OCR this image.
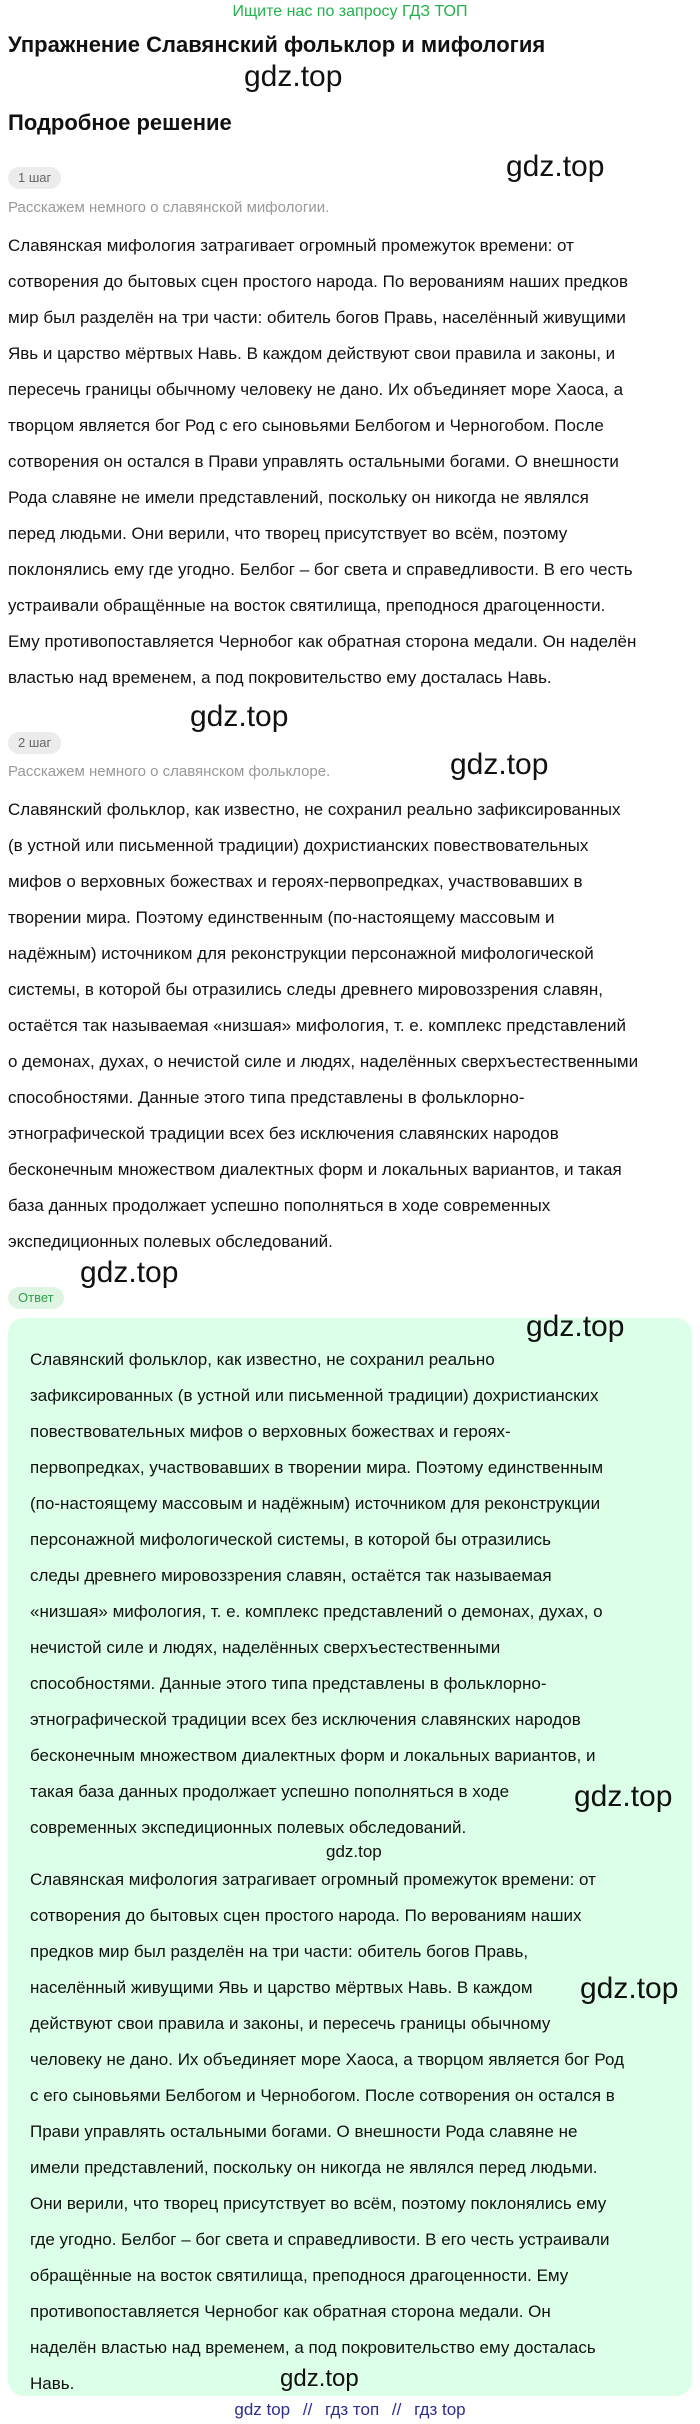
Ищите нас по запросу ГДЗ ТОП
Упражнение Славянский фольклор и мифология
gdz.top
Подробное решение
gdz.top
1 шаг
Расскажем немного о славянской мифологии.
Славянская мифология затрагивает огромный промежуток времени: от
сотворения до бытовых сцен простого народа. По верованиям наших предков
мир был разделён на три части: обитель богов Правь, населённый живущими
Явь и царство мёртвых Навь. В каждом действуют свои правила и законы, и
пересечь границы обычному человеку не дано. Их объединяет море Хаоса, а
творцом является бог Род с его сыновьями Белбогом и Черногобом. После
сотворения он остался в Прави управлять остальными богами. О внешности
Рода славяне не имели представлений, поскольку он никогда не являлся
перед людьми. Они верили, что творец присутствует во всём, поэтому
поклонялись ему где угодно. Белбог – бог света и справедливости. В его честь
устраивали обращённые на восток святилища, преподнося драгоценности.
Ему противопоставляется Чернобог как обратная сторона медали. Он наделён
властью над временем, а под покровительство ему досталась Навь.
gdz.top
2 шаг
gdz.top
Расскажем немного о славянском фольклоре.
Славянский фольклор, как известно, не сохранил реально зафиксированных
(в устной или письменной традиции) дохристианских повествовательных
мифов о верховных божествах и героях-первопредках, участвовавших в
творении мира. Поэтому единственным (по-настоящему массовым и
надёжным) источником для реконструкции персонажной мифологической
системы, в которой бы отразились следы древнего мировоззрения славян,
остаётся так называемая «низшая» мифология, т. е. комплекс представлений
о демонах, духах, о нечистой силе и людях, наделённых сверхъестественными
способностями. Данные этого типа представлены в фольклорно-
этнографической традиции всех без исключения славянских народов
бесконечным множеством диалектных форм и локальных вариантов, и такая
база данных продолжает успешно пополняться в ходе современных
экспедиционных полевых обследований.
gdz.top
Ответ
gdz.top
Славянский фольклор, как известно, не сохранил реально
зафиксированных (в устной или письменной традиции) дохристианских
повествовательных мифов о верховных божествах и героях-
первопредках, участвовавших в творении мира. Поэтому единственным
(по-настоящему массовым и надёжным) источником для реконструкции
персонажной мифологической системы, в которой бы отразились
следы древнего мировоззрения славян, остаётся так называемая
«низшая» мифология, т. е. комплекс представлений о демонах, духах, о
нечистой силе и людях, наделённых сверхъестественными
способностями. Данные этого типа представлены в фольклорно-
этнографической традиции всех без исключения славянских народов
бесконечным множеством диалектных форм и локальных вариантов, и
такая база данных продолжает успешно пополняться в ходе
современных экспедиционных полевых обследований.
gdz.top
gdz.top
Славянская мифология затрагивает огромный промежуток времени: от
сотворения до бытовых сцен простого народа. По верованиям наших
предков мир был разделён на три части: обитель богов Правь,
населённый живущими Явь и царство мёртвых Навь. В каждом
действуют свои правила и законы, и пересечь границы обычному
человеку не дано. Их объединяет море Хаоса, а творцом является бог Род
с его сыновьями Белбогом и Чернобогом. После сотворения он остался в
Прави управлять остальными богами. О внешности Рода славяне не
имели представлений, поскольку он никогда не являлся перед людьми.
Они верили, что творец присутствует во всём, поэтому поклонялись ему
где угодно. Белбог – бог света и справедливости. В его честь устраивали
обращённые на восток святилища, преподнося драгоценности. Ему
противопоставляется Чернобог как обратная сторона медали. Он
наделён властью над временем, а под покровительство ему досталась
Навь.
gdz.top
gdz.top
gdz top // гдз топ // гдз top
